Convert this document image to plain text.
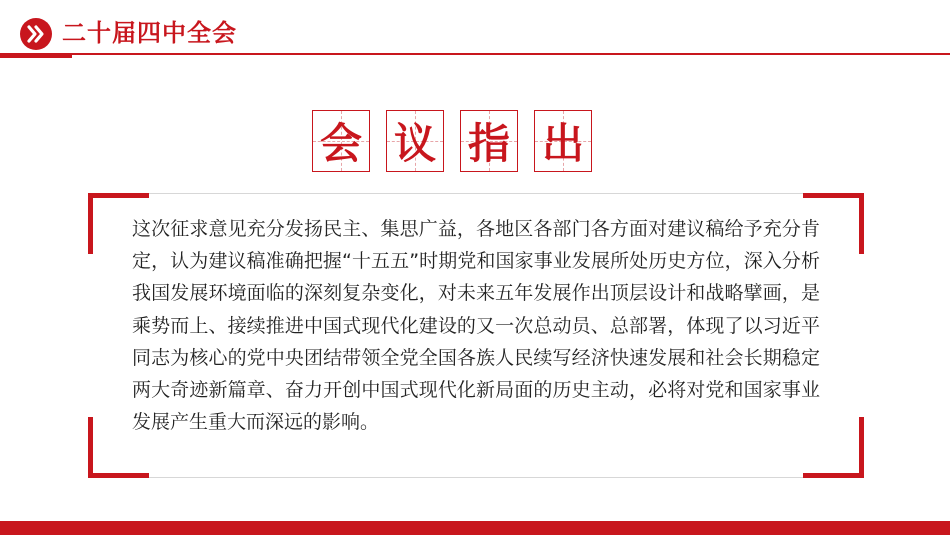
二十届四中全会
会 议 指 出
这次征求意见充分发扬民主、集思广益，各地区各部门各方面对建议稿给予充分肯定，认为建议稿准确把握“十五五”时期党和国家事业发展所处历史方位，深入分析我国发展环境面临的深刻复杂变化，对未来五年发展作出顶层设计和战略擘画，是乘势而上、接续推进中国式现代化建设的又一次总动员、总部署，体现了以习近平同志为核心的党中央团结带领全党全国各族人民续写经济快速发展和社会长期稳定两大奇迹新篇章、奋力开创中国式现代化新局面的历史主动，必将对党和国家事业发展产生重大而深远的影响。
